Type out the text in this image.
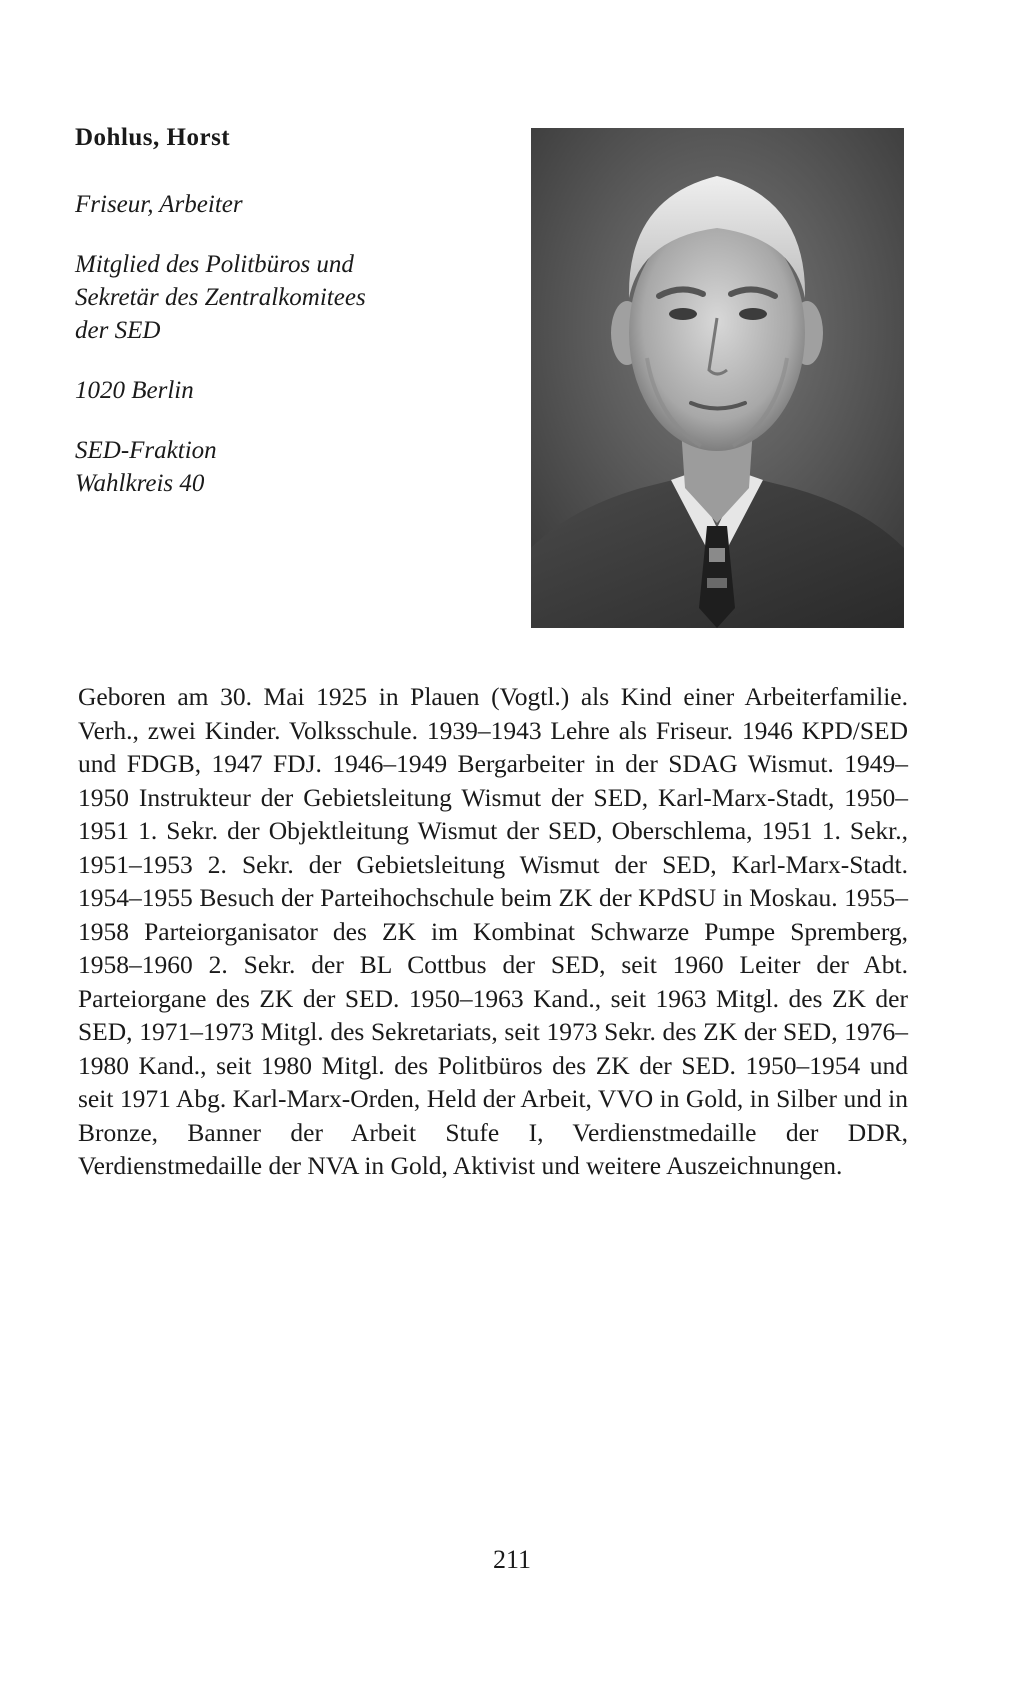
Dohlus, Horst
Friseur, Arbeiter
Mitglied des Politbüros und
Sekretär des Zentralkomitees
der SED
1020 Berlin
SED-Fraktion
Wahlkreis 40
Geboren am 30. Mai 1925 in Plauen (Vogtl.) als Kind einer Arbeiterfamilie. Verh., zwei Kinder. Volksschule. 1939–1943 Lehre als Friseur. 1946 KPD/SED und FDGB, 1947 FDJ. 1946–1949 Bergarbeiter in der SDAG Wismut. 1949–1950 Instrukteur der Gebietsleitung Wismut der SED, Karl-Marx-Stadt, 1950–1951 1. Sekr. der Objektleitung Wismut der SED, Oberschlema, 1951 1. Sekr., 1951–1953 2. Sekr. der Gebietsleitung Wismut der SED, Karl-Marx-Stadt. 1954–1955 Besuch der Parteihochschule beim ZK der KPdSU in Moskau. 1955–1958 Parteiorganisator des ZK im Kombinat Schwarze Pumpe Spremberg, 1958–1960 2. Sekr. der BL Cottbus der SED, seit 1960 Leiter der Abt. Parteiorgane des ZK der SED. 1950–1963 Kand., seit 1963 Mitgl. des ZK der SED, 1971–1973 Mitgl. des Sekretariats, seit 1973 Sekr. des ZK der SED, 1976–1980 Kand., seit 1980 Mitgl. des Politbüros des ZK der SED. 1950–1954 und seit 1971 Abg. Karl-Marx-Orden, Held der Arbeit, VVO in Gold, in Silber und in Bronze, Banner der Arbeit Stufe I, Verdienstmedaille der DDR, Verdienstmedaille der NVA in Gold, Aktivist und weitere Auszeichnungen.
211
